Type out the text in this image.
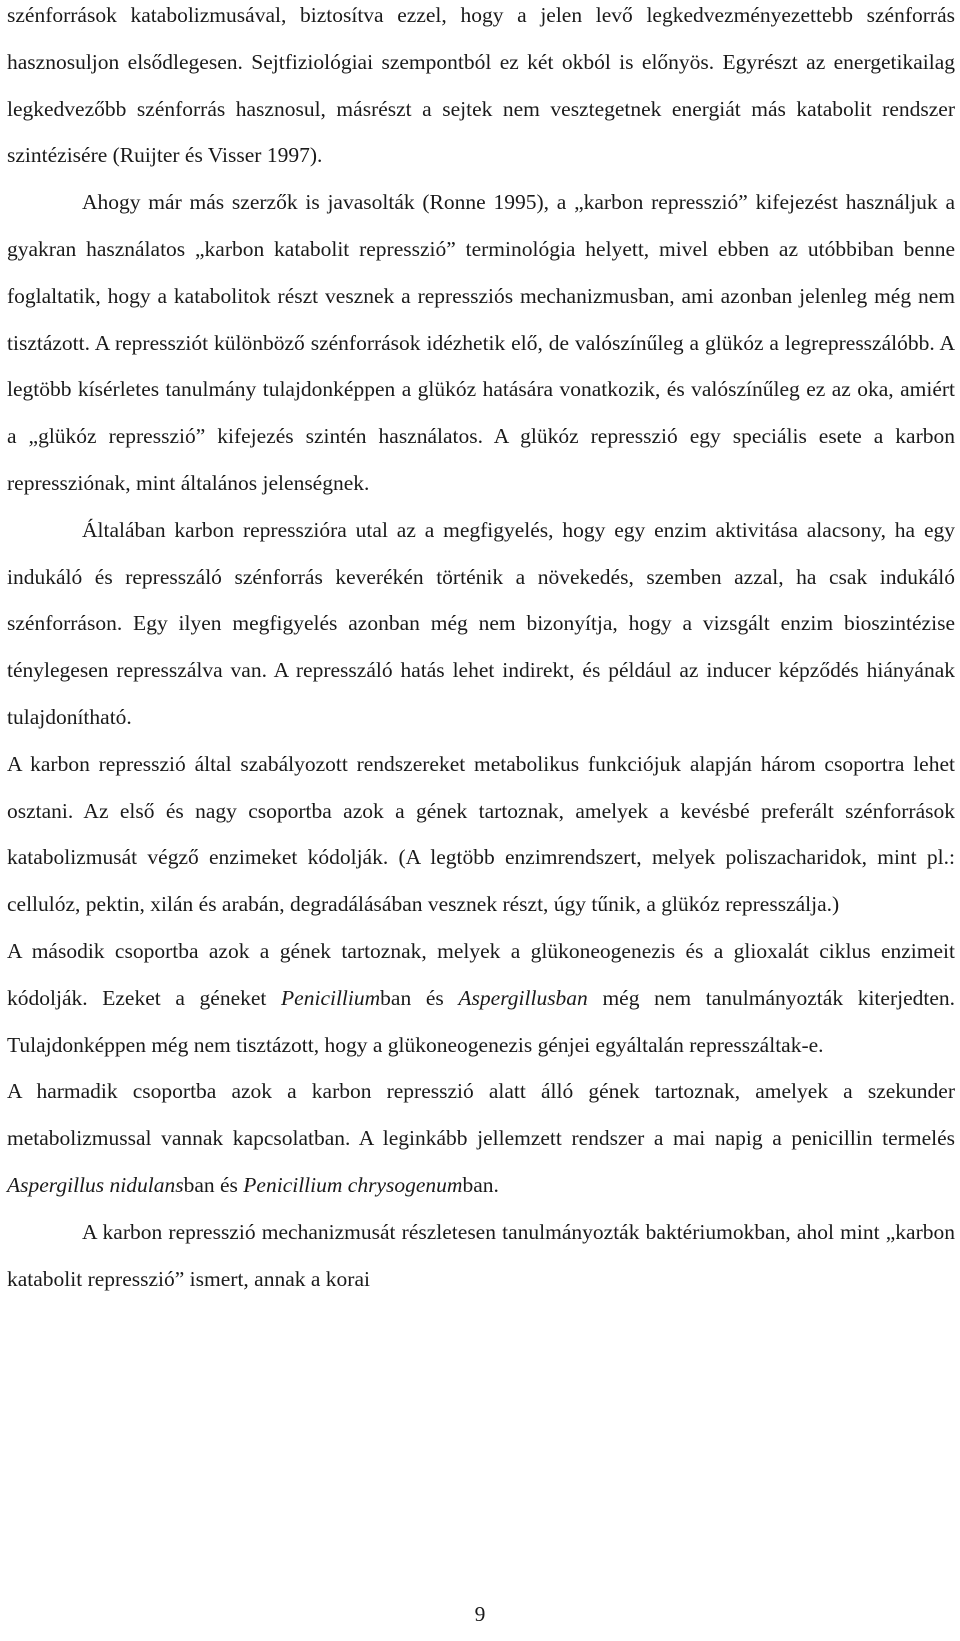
szénforrások katabolizmusával, biztosítva ezzel, hogy a jelen levő legkedvezményezettebb szénforrás hasznosuljon elsődlegesen. Sejtfiziológiai szempontból ez két okból is előnyös. Egyrészt az energetikailag legkedvezőbb szénforrás hasznosul, másrészt a sejtek nem vesztegetnek energiát más katabolit rendszer szintézisére (Ruijter és Visser 1997).

Ahogy már más szerzők is javasolták (Ronne 1995), a „karbon represszió” kifejezést használjuk a gyakran használatos „karbon katabolit represszió” terminológia helyett, mivel ebben az utóbbiban benne foglaltatik, hogy a katabolitok részt vesznek a repressziós mechanizmusban, ami azonban jelenleg még nem tisztázott. A repressziót különböző szénforrások idézhetik elő, de valószínűleg a glükóz a legrepresszálóbb. A legtöbb kísérletes tanulmány tulajdonképpen a glükóz hatására vonatkozik, és valószínűleg ez az oka, amiért a „glükóz represszió” kifejezés szintén használatos. A glükóz represszió egy speciális esete a karbon repressziónak, mint általános jelenségnek.

Általában karbon represszióra utal az a megfigyelés, hogy egy enzim aktivitása alacsony, ha egy indukáló és represszáló szénforrás keverékén történik a növekedés, szemben azzal, ha csak indukáló szénforráson. Egy ilyen megfigyelés azonban még nem bizonyítja, hogy a vizsgált enzim bioszintézise ténylegesen represszálva van. A represszáló hatás lehet indirekt, és például az inducer képződés hiányának tulajdonítható.

A karbon represszió által szabályozott rendszereket metabolikus funkciójuk alapján három csoportra lehet osztani. Az első és nagy csoportba azok a gének tartoznak, amelyek a kevésbé preferált szénforrások katabolizmusát végző enzimeket kódolják. (A legtöbb enzimrendszert, melyek poliszacharidok, mint pl.: cellulóz, pektin, xilán és arabán, degradálásában vesznek részt, úgy tűnik, a glükóz represszálja.)

A második csoportba azok a gének tartoznak, melyek a glükoneogenezis és a glioxalát ciklus enzimeit kódolják. Ezeket a géneket Penicilliumban és Aspergillusban még nem tanulmányozták kiterjedten. Tulajdonképpen még nem tisztázott, hogy a glükoneogenezis génjei egyáltalán represszáltak-e.

A harmadik csoportba azok a karbon represszió alatt álló gének tartoznak, amelyek a szekunder metabolizmussal vannak kapcsolatban. A leginkább jellemzett rendszer a mai napig a penicillin termelés Aspergillus nidulansban és Penicillium chrysogenumban.

A karbon represszió mechanizmusát részletesen tanulmányozták baktériumokban, ahol mint „karbon katabolit represszió” ismert, annak a korai

9
